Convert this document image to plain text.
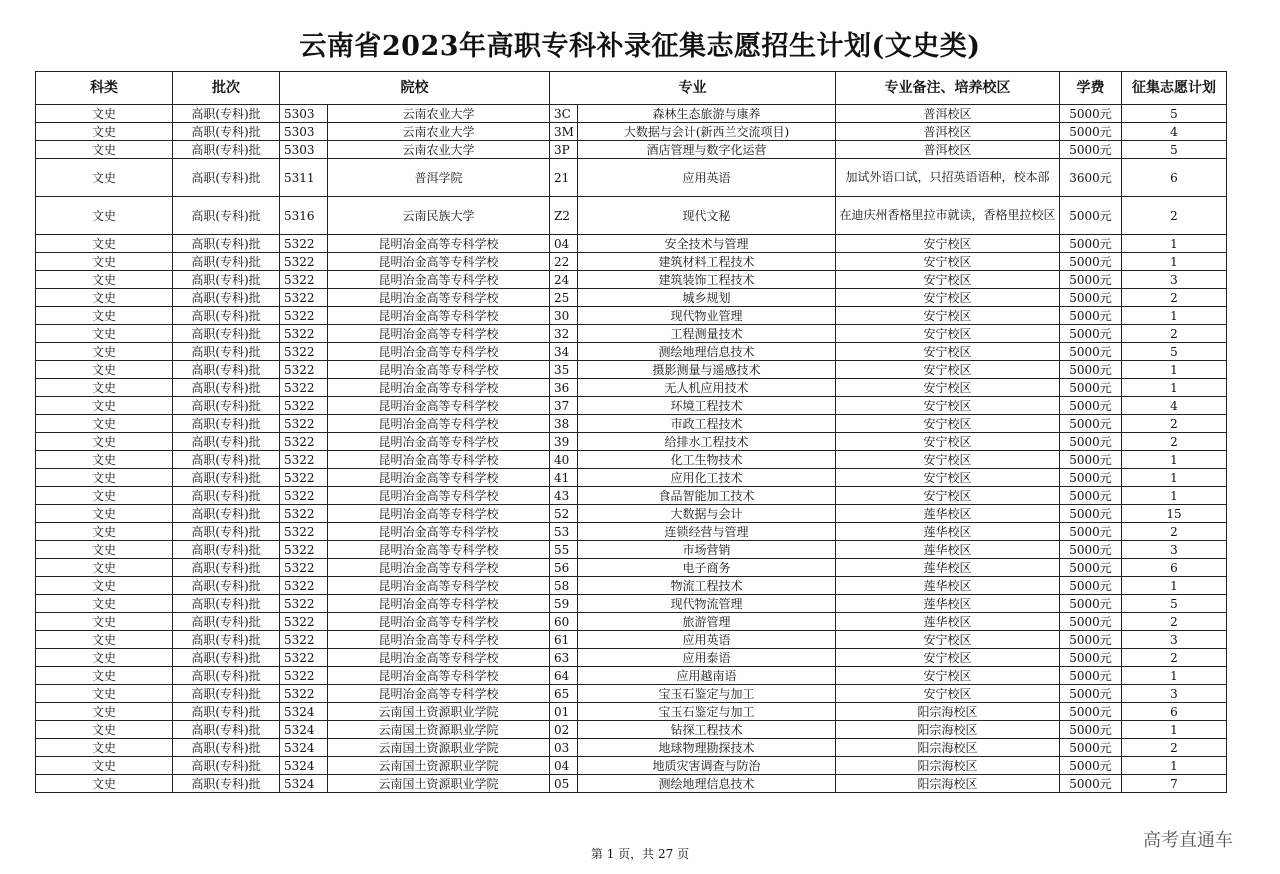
云南省2023年高职专科补录征集志愿招生计划(文史类)
科类	批次	院校		专业		专业备注、培养校区	学费	征集志愿计划
文史	高职(专科)批	5303	云南农业大学	3C	森林生态旅游与康养	普洱校区	5000元	5
文史	高职(专科)批	5303	云南农业大学	3M	大数据与会计(新西兰交流项目)	普洱校区	5000元	4
文史	高职(专科)批	5303	云南农业大学	3P	酒店管理与数字化运营	普洱校区	5000元	5
文史	高职(专科)批	5311	普洱学院	21	应用英语	加试外语口试，只招英语语种，校本部	3600元	6
文史	高职(专科)批	5316	云南民族大学	Z2	现代文秘	在迪庆州香格里拉市就读，香格里拉校区	5000元	2
文史	高职(专科)批	5322	昆明冶金高等专科学校	04	安全技术与管理	安宁校区	5000元	1
文史	高职(专科)批	5322	昆明冶金高等专科学校	22	建筑材料工程技术	安宁校区	5000元	1
文史	高职(专科)批	5322	昆明冶金高等专科学校	24	建筑装饰工程技术	安宁校区	5000元	3
文史	高职(专科)批	5322	昆明冶金高等专科学校	25	城乡规划	安宁校区	5000元	2
文史	高职(专科)批	5322	昆明冶金高等专科学校	30	现代物业管理	安宁校区	5000元	1
文史	高职(专科)批	5322	昆明冶金高等专科学校	32	工程测量技术	安宁校区	5000元	2
文史	高职(专科)批	5322	昆明冶金高等专科学校	34	测绘地理信息技术	安宁校区	5000元	5
文史	高职(专科)批	5322	昆明冶金高等专科学校	35	摄影测量与遥感技术	安宁校区	5000元	1
文史	高职(专科)批	5322	昆明冶金高等专科学校	36	无人机应用技术	安宁校区	5000元	1
文史	高职(专科)批	5322	昆明冶金高等专科学校	37	环境工程技术	安宁校区	5000元	4
文史	高职(专科)批	5322	昆明冶金高等专科学校	38	市政工程技术	安宁校区	5000元	2
文史	高职(专科)批	5322	昆明冶金高等专科学校	39	给排水工程技术	安宁校区	5000元	2
文史	高职(专科)批	5322	昆明冶金高等专科学校	40	化工生物技术	安宁校区	5000元	1
文史	高职(专科)批	5322	昆明冶金高等专科学校	41	应用化工技术	安宁校区	5000元	1
文史	高职(专科)批	5322	昆明冶金高等专科学校	43	食品智能加工技术	安宁校区	5000元	1
文史	高职(专科)批	5322	昆明冶金高等专科学校	52	大数据与会计	莲华校区	5000元	15
文史	高职(专科)批	5322	昆明冶金高等专科学校	53	连锁经营与管理	莲华校区	5000元	2
文史	高职(专科)批	5322	昆明冶金高等专科学校	55	市场营销	莲华校区	5000元	3
文史	高职(专科)批	5322	昆明冶金高等专科学校	56	电子商务	莲华校区	5000元	6
文史	高职(专科)批	5322	昆明冶金高等专科学校	58	物流工程技术	莲华校区	5000元	1
文史	高职(专科)批	5322	昆明冶金高等专科学校	59	现代物流管理	莲华校区	5000元	5
文史	高职(专科)批	5322	昆明冶金高等专科学校	60	旅游管理	莲华校区	5000元	2
文史	高职(专科)批	5322	昆明冶金高等专科学校	61	应用英语	安宁校区	5000元	3
文史	高职(专科)批	5322	昆明冶金高等专科学校	63	应用泰语	安宁校区	5000元	2
文史	高职(专科)批	5322	昆明冶金高等专科学校	64	应用越南语	安宁校区	5000元	1
文史	高职(专科)批	5322	昆明冶金高等专科学校	65	宝玉石鉴定与加工	安宁校区	5000元	3
文史	高职(专科)批	5324	云南国土资源职业学院	01	宝玉石鉴定与加工	阳宗海校区	5000元	6
文史	高职(专科)批	5324	云南国土资源职业学院	02	钻探工程技术	阳宗海校区	5000元	1
文史	高职(专科)批	5324	云南国土资源职业学院	03	地球物理勘探技术	阳宗海校区	5000元	2
文史	高职(专科)批	5324	云南国土资源职业学院	04	地质灾害调查与防治	阳宗海校区	5000元	1
文史	高职(专科)批	5324	云南国土资源职业学院	05	测绘地理信息技术	阳宗海校区	5000元	7
第 1 页，共 27 页
高考直通车
